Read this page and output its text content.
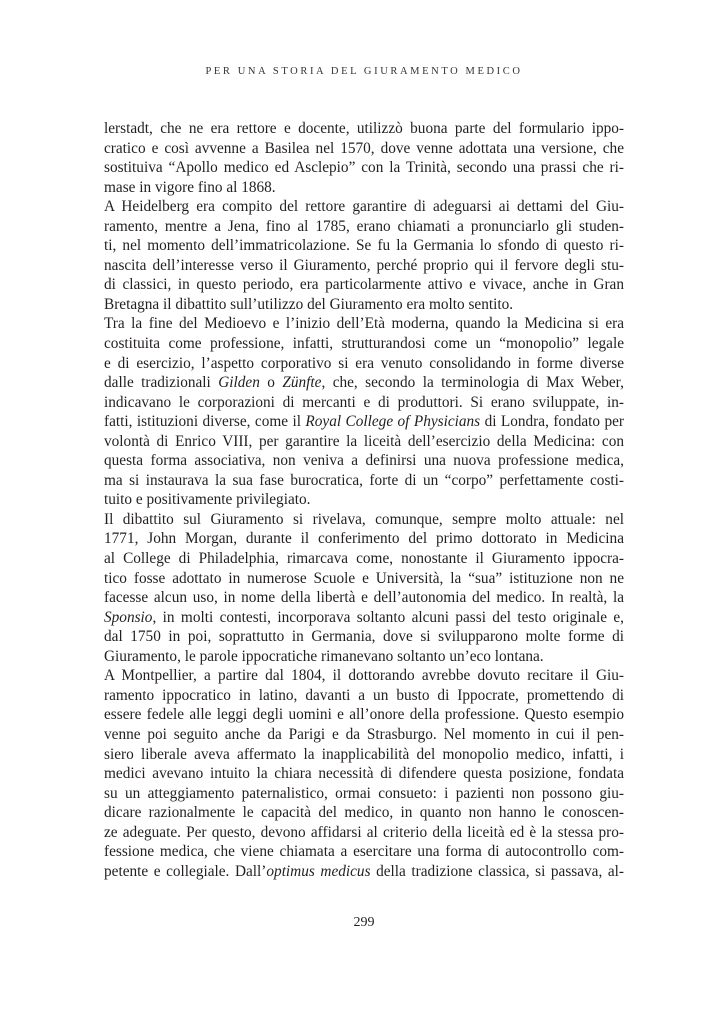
PER UNA STORIA DEL GIURAMENTO MEDICO
lerstadt, che ne era rettore e docente, utilizzò buona parte del formulario ippo-
cratico e così avvenne a Basilea nel 1570, dove venne adottata una versione, che
sostituiva “Apollo medico ed Asclepio” con la Trinità, secondo una prassi che ri-
mase in vigore fino al 1868.
A Heidelberg era compito del rettore garantire di adeguarsi ai dettami del Giu-
ramento, mentre a Jena, fino al 1785, erano chiamati a pronunciarlo gli studen-
ti, nel momento dell’immatricolazione. Se fu la Germania lo sfondo di questo ri-
nascita dell’interesse verso il Giuramento, perché proprio qui il fervore degli stu-
di classici, in questo periodo, era particolarmente attivo e vivace, anche in Gran
Bretagna il dibattito sull’utilizzo del Giuramento era molto sentito.
Tra la fine del Medioevo e l’inizio dell’Età moderna, quando la Medicina si era
costituita come professione, infatti, strutturandosi come un “monopolio” legale
e di esercizio, l’aspetto corporativo si era venuto consolidando in forme diverse
dalle tradizionali Gilden o Zünfte, che, secondo la terminologia di Max Weber,
indicavano le corporazioni di mercanti e di produttori. Si erano sviluppate, in-
fatti, istituzioni diverse, come il Royal College of Physicians di Londra, fondato per
volontà di Enrico VIII, per garantire la liceità dell’esercizio della Medicina: con
questa forma associativa, non veniva a definirsi una nuova professione medica,
ma si instaurava la sua fase burocratica, forte di un “corpo” perfettamente costi-
tuito e positivamente privilegiato.
Il dibattito sul Giuramento si rivelava, comunque, sempre molto attuale: nel
1771, John Morgan, durante il conferimento del primo dottorato in Medicina
al College di Philadelphia, rimarcava come, nonostante il Giuramento ippocra-
tico fosse adottato in numerose Scuole e Università, la “sua” istituzione non ne
facesse alcun uso, in nome della libertà e dell’autonomia del medico. In realtà, la
Sponsio, in molti contesti, incorporava soltanto alcuni passi del testo originale e,
dal 1750 in poi, soprattutto in Germania, dove si svilupparono molte forme di
Giuramento, le parole ippocratiche rimanevano soltanto un’eco lontana.
A Montpellier, a partire dal 1804, il dottorando avrebbe dovuto recitare il Giu-
ramento ippocratico in latino, davanti a un busto di Ippocrate, promettendo di
essere fedele alle leggi degli uomini e all’onore della professione. Questo esempio
venne poi seguito anche da Parigi e da Strasburgo. Nel momento in cui il pen-
siero liberale aveva affermato la inapplicabilità del monopolio medico, infatti, i
medici avevano intuito la chiara necessità di difendere questa posizione, fondata
su un atteggiamento paternalistico, ormai consueto: i pazienti non possono giu-
dicare razionalmente le capacità del medico, in quanto non hanno le conoscen-
ze adeguate. Per questo, devono affidarsi al criterio della liceità ed è la stessa pro-
fessione medica, che viene chiamata a esercitare una forma di autocontrollo com-
petente e collegiale. Dall’optimus medicus della tradizione classica, si passava, al-
299
